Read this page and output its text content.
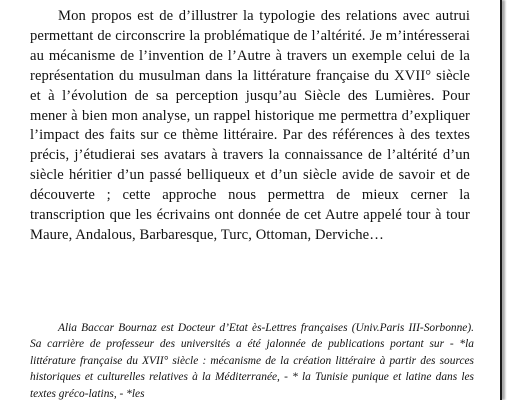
Mon propos est de d’illustrer la typologie des relations avec autrui permettant de circonscrire la problématique de l’altérité. Je m’intéresserai au mécanisme de l’invention de l’Autre à travers un exemple celui de la représentation du musulman dans la littérature française du XVII° siècle et à l’évolution de sa perception jusqu’au Siècle des Lumières. Pour mener à bien mon analyse, un rappel historique me permettra d’expliquer l’impact des faits sur ce thème littéraire. Par des références à des textes précis, j’étudierai ses avatars à travers la connaissance de l’altérité d’un siècle héritier d’un passé belliqueux et d’un siècle avide de savoir et de découverte ; cette approche nous permettra de mieux cerner la transcription que les écrivains ont donnée de cet Autre appelé tour à tour Maure, Andalous, Barbaresque, Turc, Ottoman, Derviche…

Alia Baccar Bournaz est Docteur d’Etat ès-Lettres françaises (Univ.Paris III-Sorbonne). Sa carrière de professeur des universités a été jalonnée de publications portant sur - *la littérature française du XVII° siècle : mécanisme de la création littéraire à partir des sources historiques et culturelles relatives à la Méditerranée, - * la Tunisie punique et latine dans les textes gréco-latins, - *les
